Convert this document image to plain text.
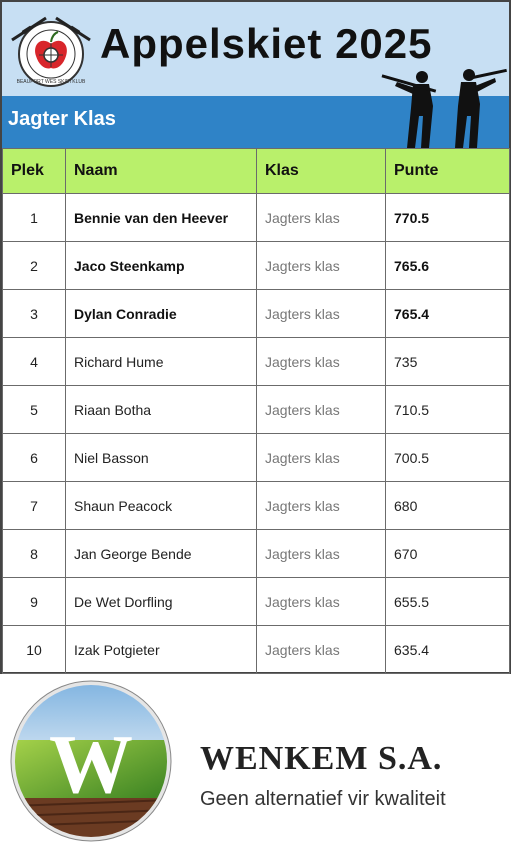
BEAUFORT WES SKIETKLUB
Appelskiet 2025
Jagter Klas
Plek	Naam	Klas	Punte
1	Bennie van den Heever	Jagters klas	770.5
2	Jaco Steenkamp	Jagters klas	765.6
3	Dylan Conradie	Jagters klas	765.4
4	Richard Hume	Jagters klas	735
5	Riaan Botha	Jagters klas	710.5
6	Niel Basson	Jagters klas	700.5
7	Shaun Peacock	Jagters klas	680
8	Jan George Bende	Jagters klas	670
9	De Wet Dorfling	Jagters klas	655.5
10	Izak Potgieter	Jagters klas	635.4
W WENKEM S.A.
Geen alternatief vir kwaliteit
